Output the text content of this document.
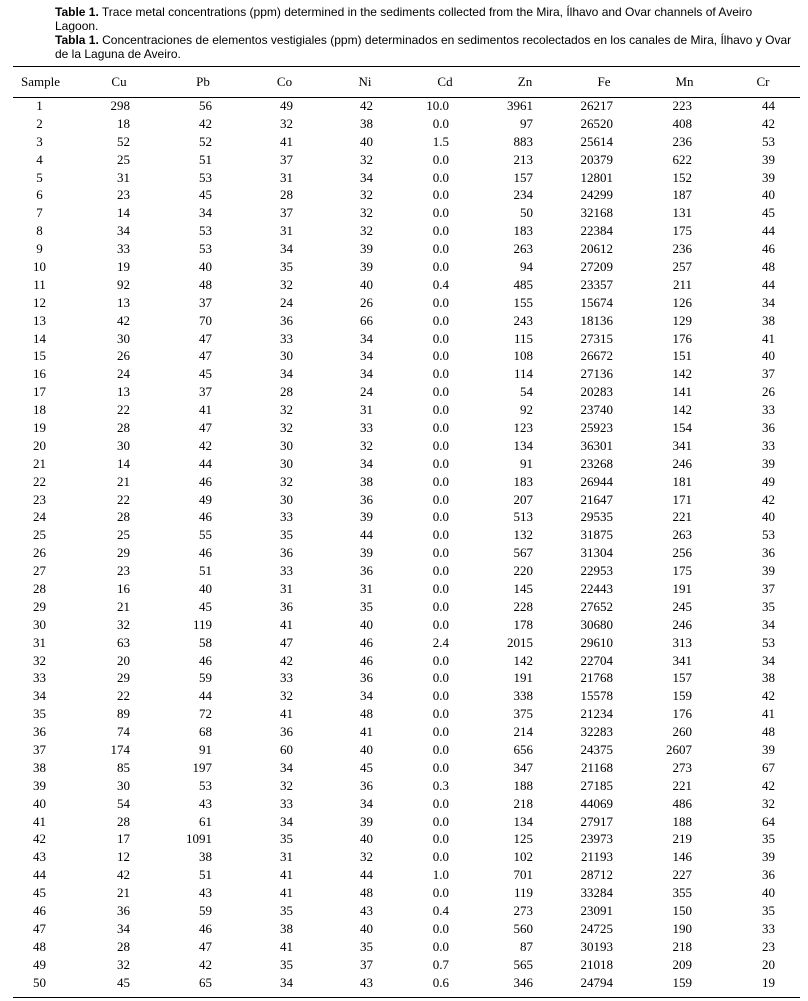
Table 1. Trace metal concentrations (ppm) determined in the sediments collected from the Mira, Ílhavo and Ovar channels of Aveiro Lagoon.
Tabla 1. Concentraciones de elementos vestigiales (ppm) determinados en sedimentos recolectados en los canales de Mira, Ílhavo y Ovar de la Laguna de Aveiro.
Sample	Cu	Pb	Co	Ni	Cd	Zn	Fe	Mn	Cr
1	298	56	49	42	10.0	3961	26217	223	44
2	18	42	32	38	0.0	97	26520	408	42
3	52	52	41	40	1.5	883	25614	236	53
4	25	51	37	32	0.0	213	20379	622	39
5	31	53	31	34	0.0	157	12801	152	39
6	23	45	28	32	0.0	234	24299	187	40
7	14	34	37	32	0.0	50	32168	131	45
8	34	53	31	32	0.0	183	22384	175	44
9	33	53	34	39	0.0	263	20612	236	46
10	19	40	35	39	0.0	94	27209	257	48
11	92	48	32	40	0.4	485	23357	211	44
12	13	37	24	26	0.0	155	15674	126	34
13	42	70	36	66	0.0	243	18136	129	38
14	30	47	33	34	0.0	115	27315	176	41
15	26	47	30	34	0.0	108	26672	151	40
16	24	45	34	34	0.0	114	27136	142	37
17	13	37	28	24	0.0	54	20283	141	26
18	22	41	32	31	0.0	92	23740	142	33
19	28	47	32	33	0.0	123	25923	154	36
20	30	42	30	32	0.0	134	36301	341	33
21	14	44	30	34	0.0	91	23268	246	39
22	21	46	32	38	0.0	183	26944	181	49
23	22	49	30	36	0.0	207	21647	171	42
24	28	46	33	39	0.0	513	29535	221	40
25	25	55	35	44	0.0	132	31875	263	53
26	29	46	36	39	0.0	567	31304	256	36
27	23	51	33	36	0.0	220	22953	175	39
28	16	40	31	31	0.0	145	22443	191	37
29	21	45	36	35	0.0	228	27652	245	35
30	32	119	41	40	0.0	178	30680	246	34
31	63	58	47	46	2.4	2015	29610	313	53
32	20	46	42	46	0.0	142	22704	341	34
33	29	59	33	36	0.0	191	21768	157	38
34	22	44	32	34	0.0	338	15578	159	42
35	89	72	41	48	0.0	375	21234	176	41
36	74	68	36	41	0.0	214	32283	260	48
37	174	91	60	40	0.0	656	24375	2607	39
38	85	197	34	45	0.0	347	21168	273	67
39	30	53	32	36	0.3	188	27185	221	42
40	54	43	33	34	0.0	218	44069	486	32
41	28	61	34	39	0.0	134	27917	188	64
42	17	1091	35	40	0.0	125	23973	219	35
43	12	38	31	32	0.0	102	21193	146	39
44	42	51	41	44	1.0	701	28712	227	36
45	21	43	41	48	0.0	119	33284	355	40
46	36	59	35	43	0.4	273	23091	150	35
47	34	46	38	40	0.0	560	24725	190	33
48	28	47	41	35	0.0	87	30193	218	23
49	32	42	35	37	0.7	565	21018	209	20
50	45	65	34	43	0.6	346	24794	159	19
